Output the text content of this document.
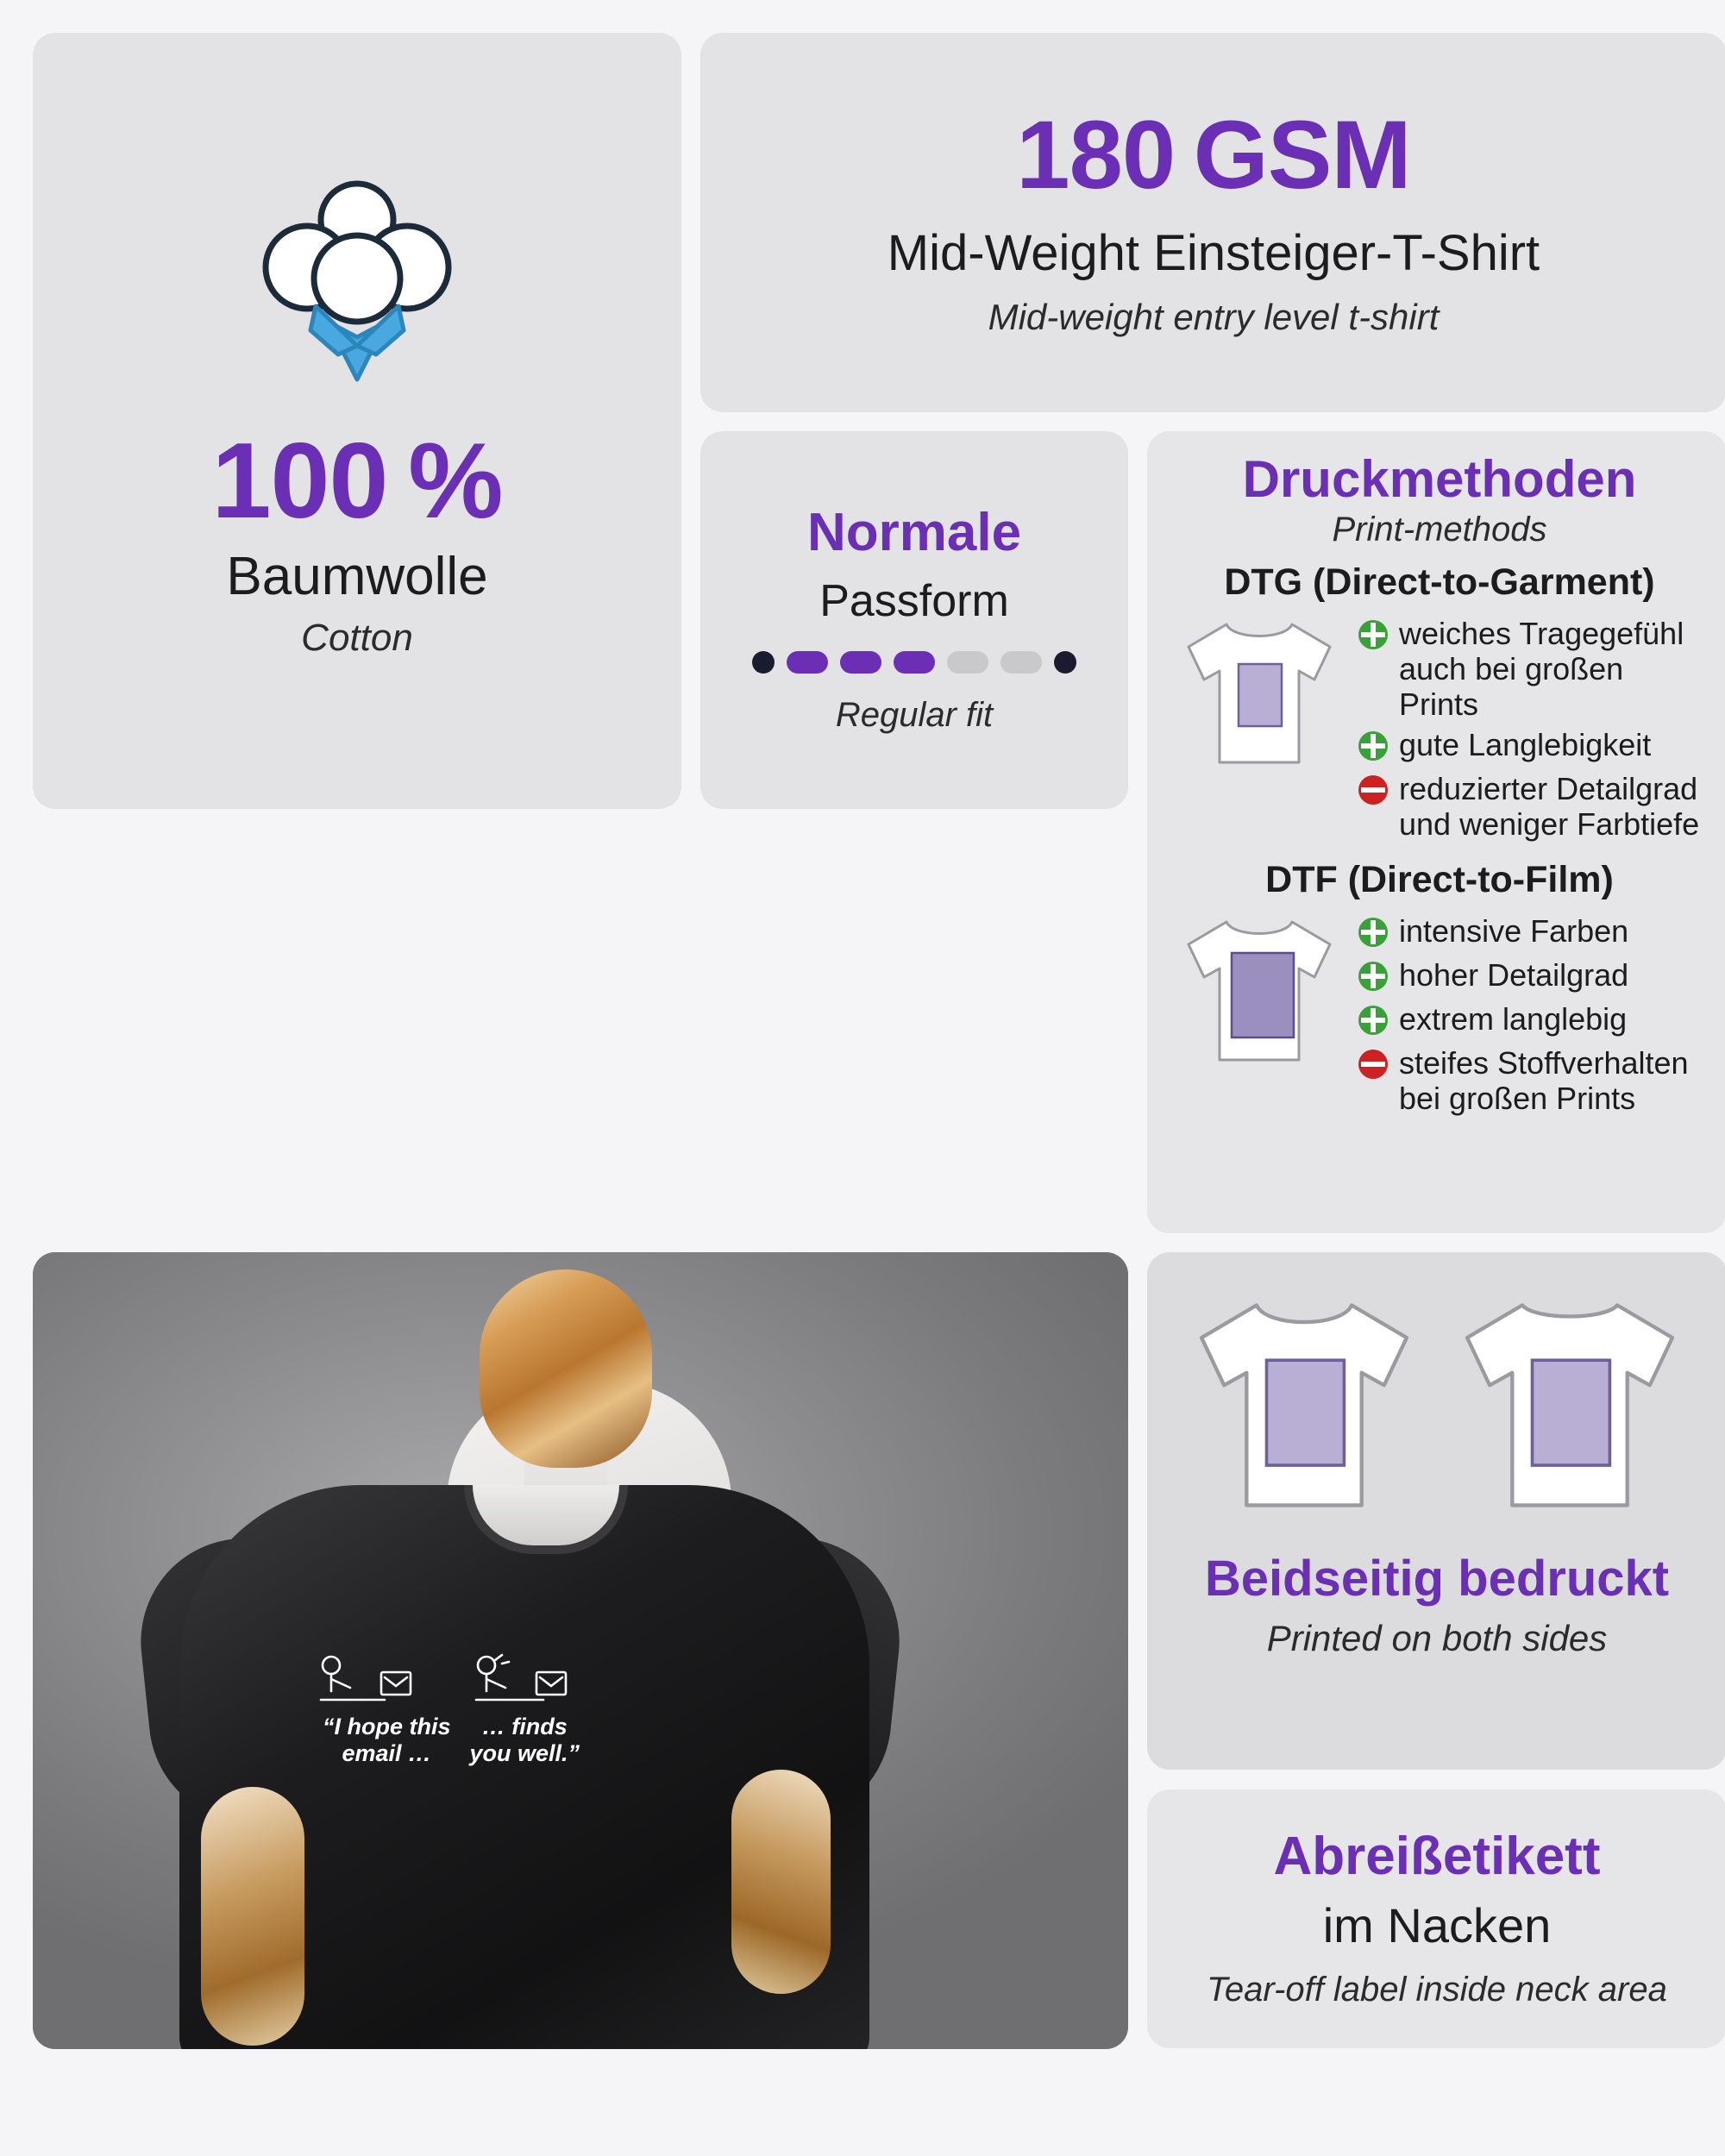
100 %
Baumwolle
Cotton
180 GSM
Mid-Weight Einsteiger-T-Shirt
Mid-weight entry level t-shirt
Normale
Passform
Regular fit
Druckmethoden
Print-methods
DTG (Direct-to-Garment)
weiches Tragegefühl auch bei großen Prints
gute Langlebigkeit
reduzierter Detailgrad und weniger Farbtiefe
DTF (Direct-to-Film)
intensive Farben
hoher Detailgrad
extrem langlebig
steifes Stoffverhalten bei großen Prints
“I hope this
email …
… finds
you well.”
Beidseitig bedruckt
Printed on both sides
Abreißetikett
im Nacken
Tear-off label inside neck area
